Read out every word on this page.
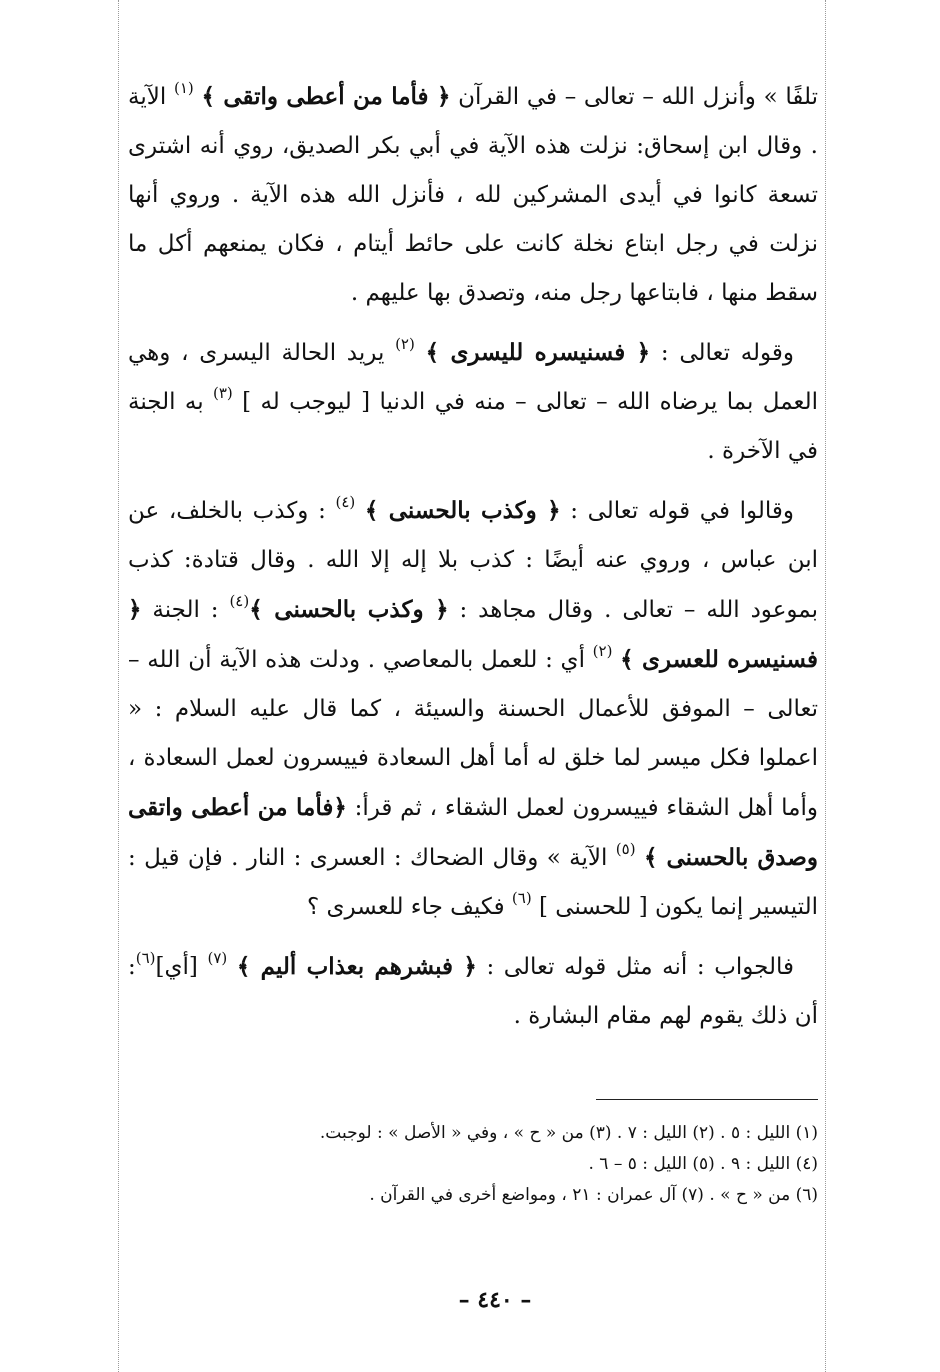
تلفًا » وأنزل الله – تعالى – في القرآن ﴿ فأما من أعطى واتقى ﴾ $^{(١)}$ الآية . وقال ابن إسحاق: نزلت هذه الآية في أبي بكر الصديق، روي أنه اشترى تسعة كانوا في أيدى المشركين لله ، فأنزل الله هذه الآية . وروي أنها نزلت في رجل ابتاع نخلة كانت على حائط أيتام ، فكان يمنعهم أكل ما سقط منها ، فابتاعها رجل منه، وتصدق بها عليهم .

وقوله تعالى : ﴿ فسنيسره لليسرى ﴾ $^{(٢)}$ يريد الحالة اليسرى ، وهي العمل بما يرضاه الله – تعالى – منه في الدنيا [ ليوجب له ] $^{(٣)}$ به الجنة في الآخرة .

وقالوا في قوله تعالى : ﴿ وكذب بالحسنى ﴾ $^{(٤)}$ : وكذب بالخلف، عن ابن عباس ، وروي عنه أيضًا : كذب بلا إله إلا الله . وقال قتادة: كذب بموعود الله – تعالى . وقال مجاهد : ﴿ وكذب بالحسنى ﴾$^{(٤)}$ : الجنة ﴿ فسنيسره للعسرى ﴾ $^{(٢)}$ أي : للعمل بالمعاصي . ودلت هذه الآية أن الله – تعالى – الموفق للأعمال الحسنة والسيئة ، كما قال عليه السلام : « اعملوا فكل ميسر لما خلق له أما أهل السعادة فييسرون لعمل السعادة ، وأما أهل الشقاء فييسرون لعمل الشقاء ، ثم قرأ: ﴿فأما من أعطى واتقى وصدق بالحسنى ﴾ $^{(٥)}$ الآية » وقال الضحاك : العسرى : النار . فإن قيل : التيسير إنما يكون [ للحسنى ] $^{(٦)}$ فكيف جاء للعسرى ؟

فالجواب : أنه مثل قوله تعالى : ﴿ فبشرهم بعذاب أليم ﴾ $^{(٧)}$ [أي]$^{(٦)}$: أن ذلك يقوم لهم مقام البشارة .

(١) الليل : ٥ . (٢) الليل : ٧ . (٣) من « ح » ، وفي « الأصل » : لوجبت.
(٤) الليل : ٩ . (٥) الليل : ٥ – ٦ .
(٦) من « ح » . (٧) آل عمران : ٢١ ، ومواضع أخرى في القرآن .
– ٤٤٠ –
